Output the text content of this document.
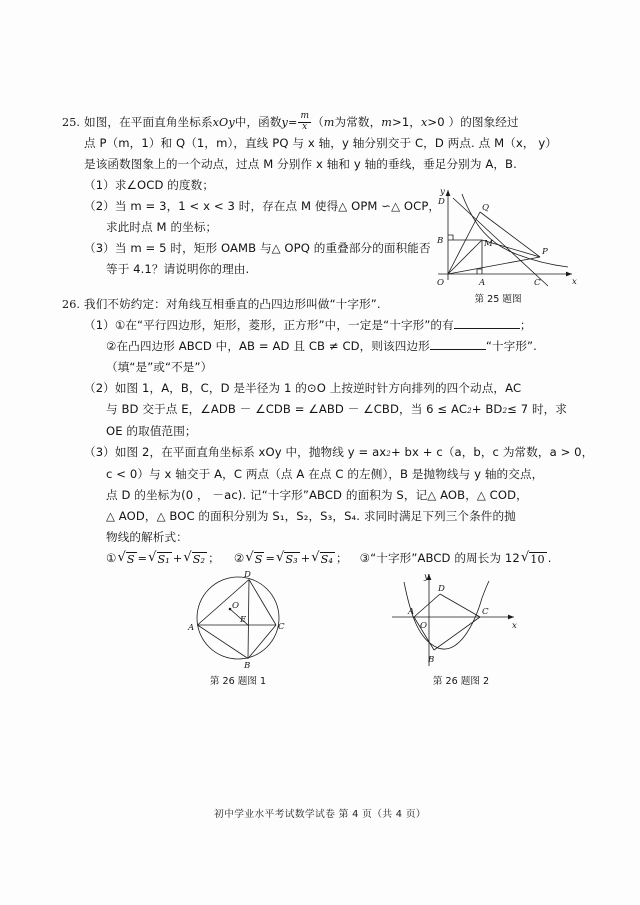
25. 如图，在平面直角坐标系xOy中，函数$y= \frac{m}{x} (m$为常数，m>1，x>0 ）的图象经过
点 P（m，1）和 Q（1，m），直线 PQ 与 x 轴，y 轴分别交于 C，D 两点. 点 M（x， y）
是该函数图象上的一个动点，过点 M 分别作 x 轴和 y 轴的垂线，垂足分别为 A，B.
（1）求∠OCD 的度数；
（2）当 m = 3，1 < x < 3 时，存在点 M 使得△ OPM ∽△ OCP，
求此时点 M 的坐标；
（3）当 m = 5 时，矩形 OAMB 与△ OPQ 的重叠部分的面积能否
等于 4.1？请说明你的理由.
26. 我们不妨约定：对角线互相垂直的凸四边形叫做“十字形”.
（1）①在“平行四边形，矩形，菱形，正方形”中，一定是“十字形”的有	；
②在凸四边形 ABCD 中，AB = AD 且 CB ≠ CD，则该四边形	“十字形”.
（填“是”或“不是”）
（2）如图 1，A，B，C，D 是半径为 1 的⊙O 上按逆时针方向排列的四个动点，AC
与 BD 交于点 E，∠ADB － ∠CDB = ∠ABD － ∠CBD，当 6 ≤ AC 2 + BD 2 ≤ 7 时，求
OE 的取值范围；
（3）如图 2，在平面直角坐标系 xOy 中，抛物线 y = ax 2 + bx + c（a，b，c 为常数，a > 0，
c < 0）与 x 轴交于 A，C 两点（点 A 在点 C 的左侧），B 是抛物线与 y 轴的交点，
点 D 的坐标为(0 ， －ac). 记“十字形”ABCD 的面积为 S，记△ AOB，△ COD，
△ AOD，△ BOC 的面积分别为 S₁，S₂，S₃，S₄. 求同时满足下列三个条件的抛
物线的解析式：
① √ S = √ S₁ + √ S₂ ； ② √ S = √ S₃ + √ S₄ ； ③ “十字形”ABCD 的周长为 12 √ 10 .
D
Q
B	M
P
O	A	C	x
y
第 25 题图
D
O
E
A	C
B
第 26 题图 1
y
D
A
O
C
x
B
第 26 题图 2
初中学业水平考试数学试卷 第 4 页（共 4 页）
